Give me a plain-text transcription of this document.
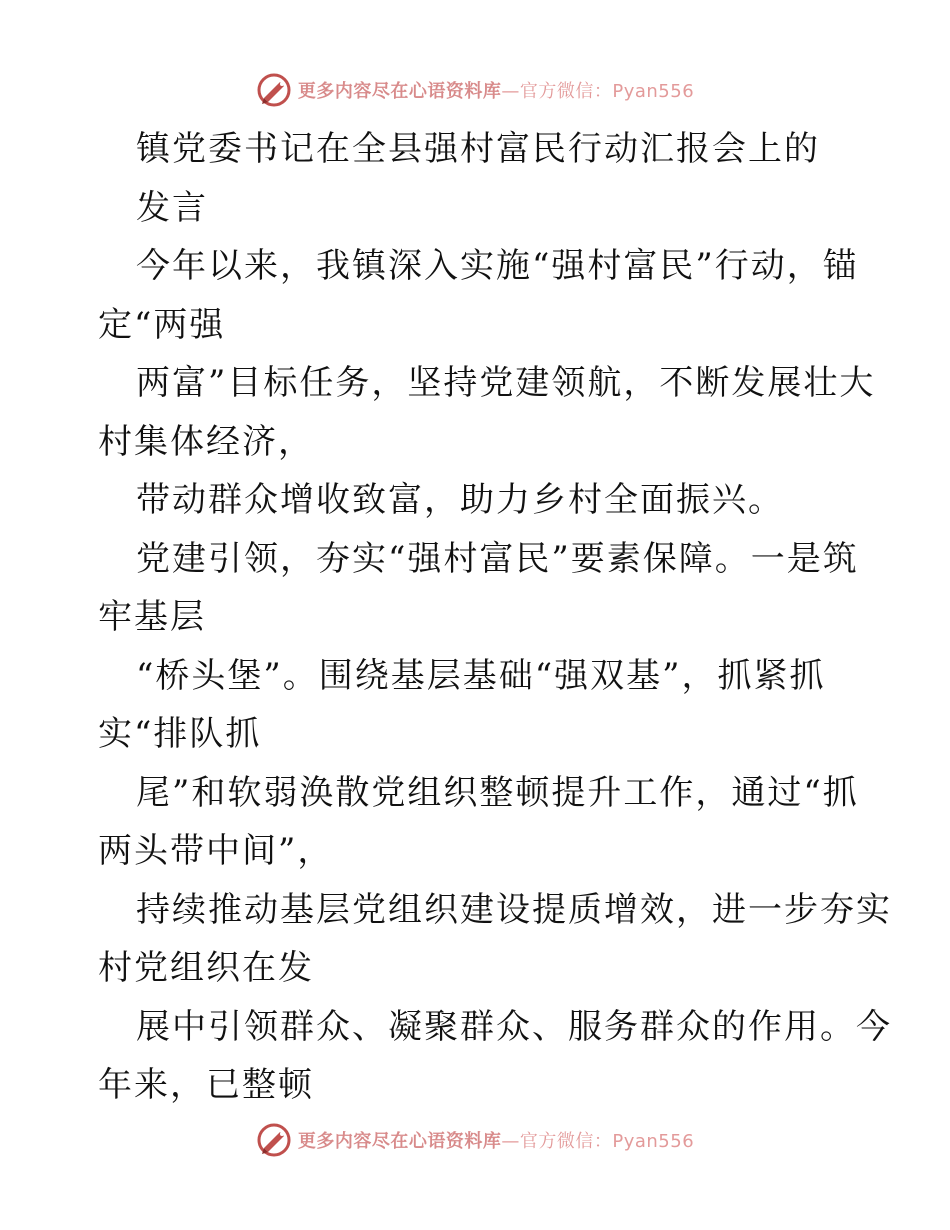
更多内容尽在心语资料库—官方微信：Pyan556
镇党委书记在全县强村富民行动汇报会上的
发言
今年以来，我镇深入实施“强村富民”行动，锚
定“两强
两富”目标任务，坚持党建领航，不断发展壮大
村集体经济，
带动群众增收致富，助力乡村全面振兴。
党建引领，夯实“强村富民”要素保障。一是筑
牢基层
“桥头堡”。围绕基层基础“强双基”，抓紧抓
实“排队抓
尾”和软弱涣散党组织整顿提升工作，通过“抓
两头带中间”，
持续推动基层党组织建设提质增效，进一步夯实
村党组织在发
展中引领群众、凝聚群众、服务群众的作用。今
年来，已整顿
更多内容尽在心语资料库—官方微信：Pyan556
